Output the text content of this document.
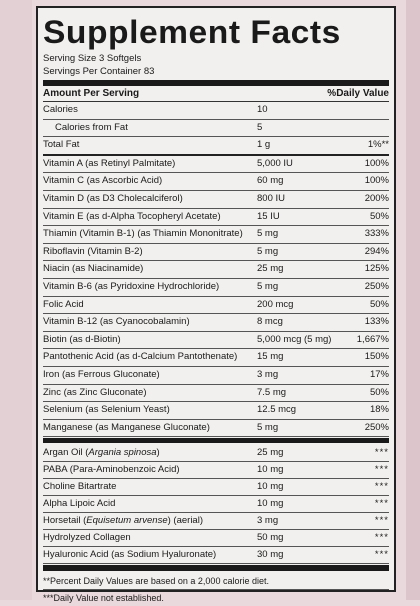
Supplement Facts
Serving Size 3 Softgels
Servings Per Container 83
Amount Per Serving	%Daily Value
Calories	10
Calories from Fat	5
Total Fat	1 g	1%**
Vitamin A (as Retinyl Palmitate)	5,000 IU	100%
Vitamin C (as Ascorbic Acid)	60 mg	100%
Vitamin D (as D3 Cholecalciferol)	800 IU	200%
Vitamin E (as d-Alpha Tocopheryl Acetate)	15 IU	50%
Thiamin (Vitamin B-1) (as Thiamin Mononitrate)	5 mg	333%
Riboflavin (Vitamin B-2)	5 mg	294%
Niacin (as Niacinamide)	25 mg	125%
Vitamin B-6 (as Pyridoxine Hydrochloride)	5 mg	250%
Folic Acid	200 mcg	50%
Vitamin B-12 (as Cyanocobalamin)	8 mcg	133%
Biotin (as d-Biotin)	5,000 mcg (5 mg)	1,667%
Pantothenic Acid (as d-Calcium Pantothenate)	15 mg	150%
Iron (as Ferrous Gluconate)	3 mg	17%
Zinc (as Zinc Gluconate)	7.5 mg	50%
Selenium (as Selenium Yeast)	12.5 mcg	18%
Manganese (as Manganese Gluconate)	5 mg	250%
Argan Oil (Argania spinosa)	25 mg	***
PABA (Para-Aminobenzoic Acid)	10 mg	***
Choline Bitartrate	10 mg	***
Alpha Lipoic Acid	10 mg	***
Horsetail (Equisetum arvense) (aerial)	3 mg	***
Hydrolyzed Collagen	50 mg	***
Hyaluronic Acid (as Sodium Hyaluronate)	30 mg	***
**Percent Daily Values are based on a 2,000 calorie diet.
***Daily Value not established.
